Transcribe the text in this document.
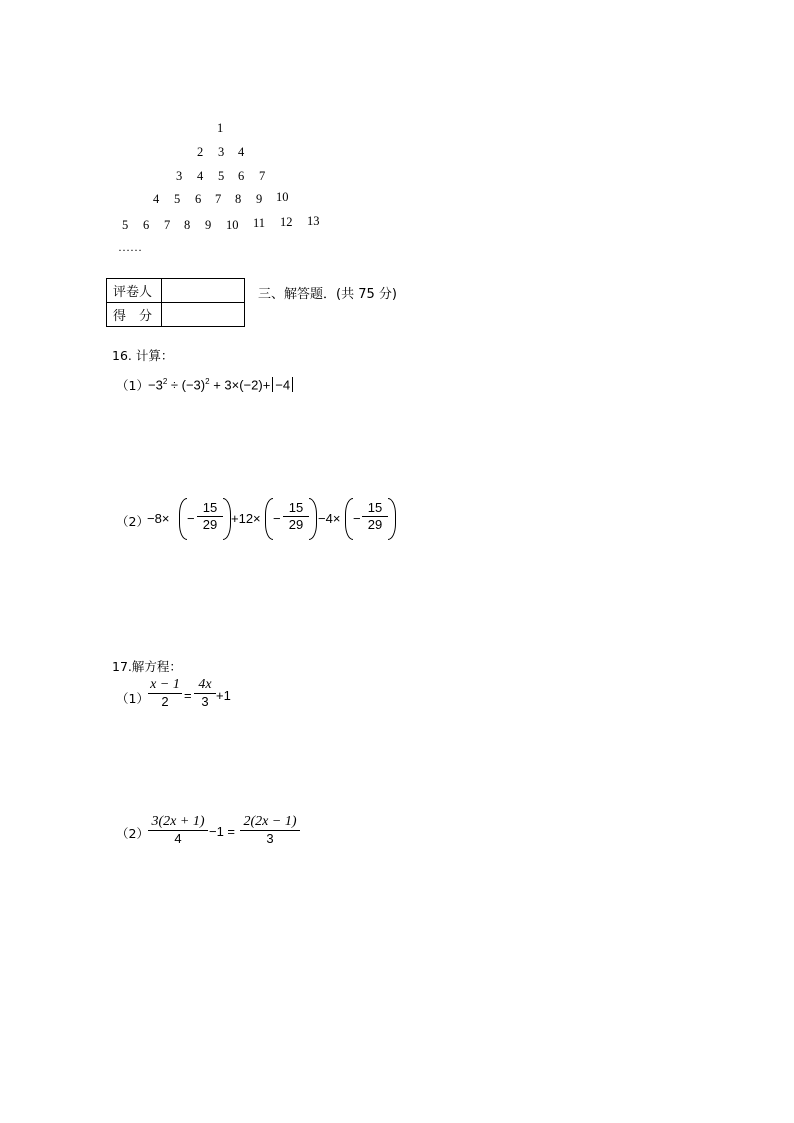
1
2 3 4
3 4 5 6 7
4 5 6 7 8 9 10
5 6 7 8 9 10 11 12 13
……
评卷人	
得　分	
三、解答题．(共 75 分)
16. 计算：
$(1) -3^2 \div (-3)^2 + 3\times(-2)+ -4$
（2）
$-8\times - \frac{15}{29} +12\times - \frac{15}{29} -4\times - \frac{15}{29}$
17.解方程：
$(1) \frac{x - 1}{2} = \frac{4x}{3} +1$
$(2) \frac{3(2x + 1)}{4} -1 = \frac{2(2x - 1)}{3}$
